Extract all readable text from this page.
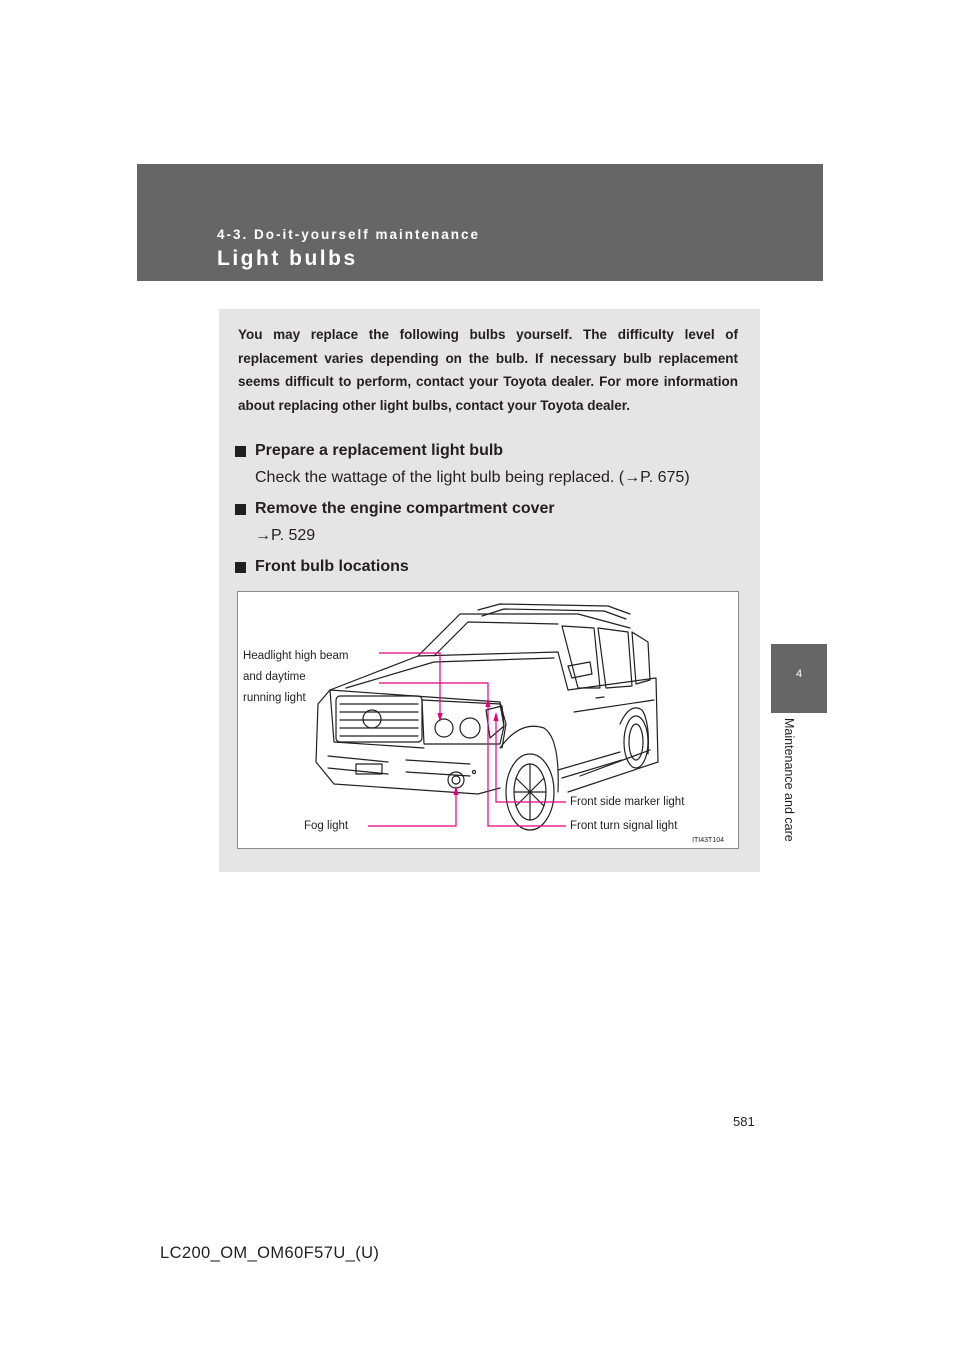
4-3. Do-it-yourself maintenance
Light bulbs
4
Maintenance and care
You may replace the following bulbs yourself. The difficulty level of replacement varies depending on the bulb. If necessary bulb replacement seems difficult to perform, contact your Toyota dealer. For more information about replacing other light bulbs, contact your Toyota dealer.
Prepare a replacement light bulb
Check the wattage of the light bulb being replaced. (→P. 675)
Remove the engine compartment cover
→P. 529
Front bulb locations
Headlight high beam
and daytime
running light
Front side marker light
Fog light	Front turn signal light
ITI43T104
581
LC200_OM_OM60F57U_(U)
